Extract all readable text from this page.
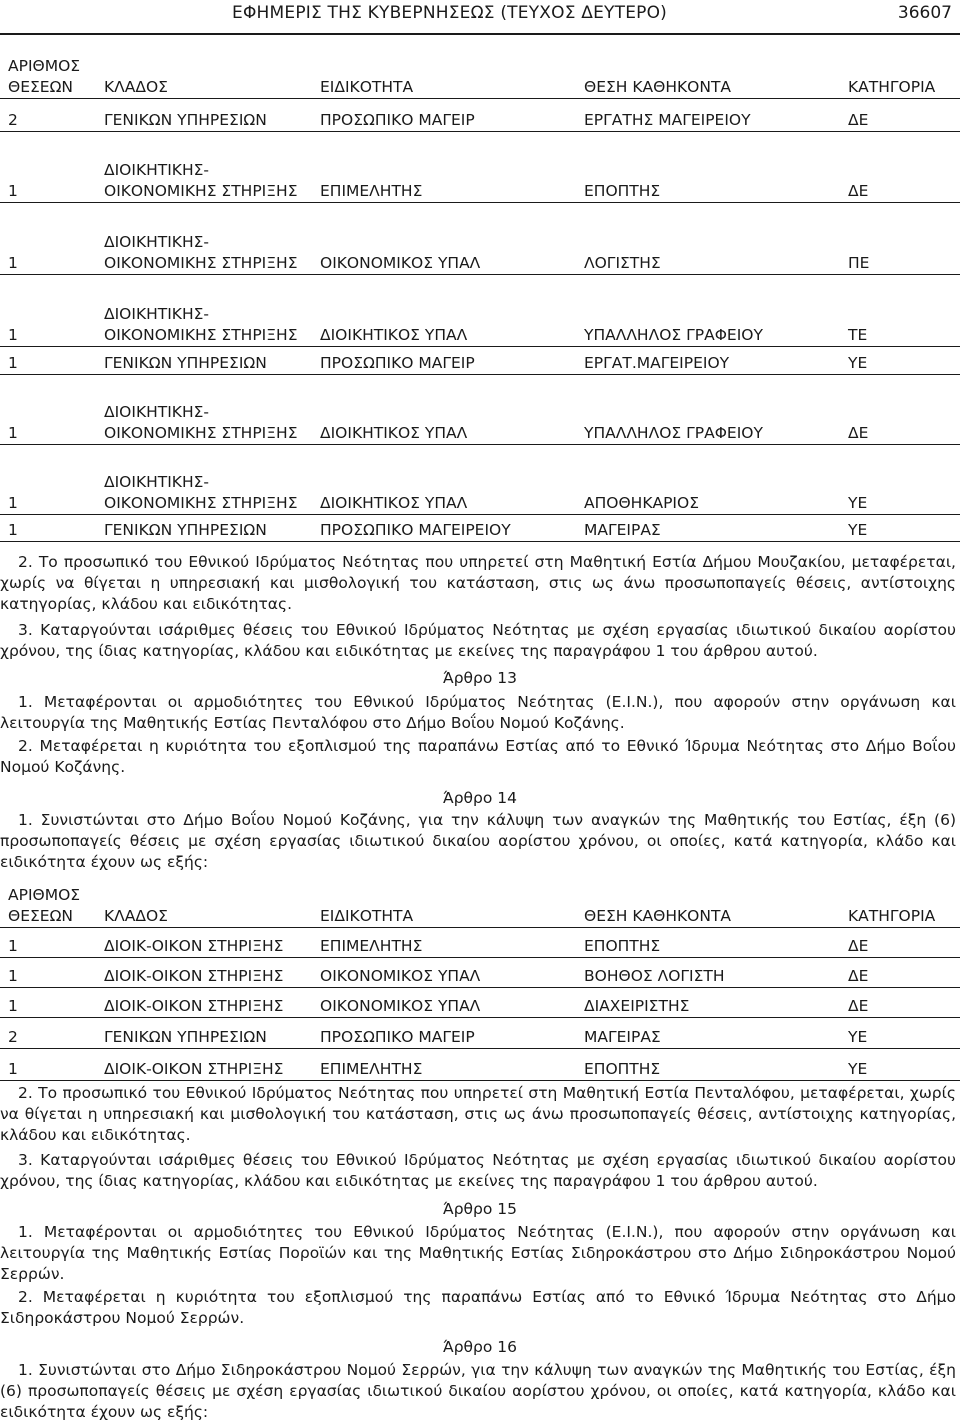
ΕΦΗΜΕΡΙΣ ΤΗΣ ΚΥΒΕΡΝΗΣΕΩΣ (ΤΕΥΧΟΣ ΔΕΥΤΕΡΟ)	36607
ΑΡΙΘΜΟΣ ΘΕΣΕΩΝ	ΚΛΑΔΟΣ	ΕΙΔΙΚΟΤΗΤΑ	ΘΕΣΗ ΚΑΘΗΚΟΝΤΑ	ΚΑΤΗΓΟΡΙΑ
2	ΓΕΝΙΚΩΝ ΥΠΗΡΕΣΙΩΝ	ΠΡΟΣΩΠΙΚΟ ΜΑΓΕΙΡ	ΕΡΓΑΤΗΣ ΜΑΓΕΙΡΕΙΟΥ	ΔΕ
1	ΔΙΟΙΚΗΤΙΚΗΣ- ΟΙΚΟΝΟΜΙΚΗΣ ΣΤΗΡΙΞΗΣ	ΕΠΙΜΕΛΗΤΗΣ	ΕΠΟΠΤΗΣ	ΔΕ
1	ΔΙΟΙΚΗΤΙΚΗΣ- ΟΙΚΟΝΟΜΙΚΗΣ ΣΤΗΡΙΞΗΣ	ΟΙΚΟΝΟΜΙΚΟΣ ΥΠΑΛ	ΛΟΓΙΣΤΗΣ	ΠΕ
1	ΔΙΟΙΚΗΤΙΚΗΣ- ΟΙΚΟΝΟΜΙΚΗΣ ΣΤΗΡΙΞΗΣ	ΔΙΟΙΚΗΤΙΚΟΣ ΥΠΑΛ	ΥΠΑΛΛΗΛΟΣ ΓΡΑΦΕΙΟΥ	ΤΕ
1	ΓΕΝΙΚΩΝ ΥΠΗΡΕΣΙΩΝ	ΠΡΟΣΩΠΙΚΟ ΜΑΓΕΙΡ	ΕΡΓΑΤ.ΜΑΓΕΙΡΕΙΟΥ	ΥΕ
1	ΔΙΟΙΚΗΤΙΚΗΣ- ΟΙΚΟΝΟΜΙΚΗΣ ΣΤΗΡΙΞΗΣ	ΔΙΟΙΚΗΤΙΚΟΣ ΥΠΑΛ	ΥΠΑΛΛΗΛΟΣ ΓΡΑΦΕΙΟΥ	ΔΕ
1	ΔΙΟΙΚΗΤΙΚΗΣ- ΟΙΚΟΝΟΜΙΚΗΣ ΣΤΗΡΙΞΗΣ	ΔΙΟΙΚΗΤΙΚΟΣ ΥΠΑΛ	ΑΠΟΘΗΚΑΡΙΟΣ	ΥΕ
1	ΓΕΝΙΚΩΝ ΥΠΗΡΕΣΙΩΝ	ΠΡΟΣΩΠΙΚΟ ΜΑΓΕΙΡΕΙΟΥ	ΜΑΓΕΙΡΑΣ	ΥΕ
2. Το προσωπικό του Εθνικού Ιδρύματος Νεότητας που υπηρετεί στη Μαθητική Εστία Δήμου Μουζακίου, μεταφέρεται, χωρίς να θίγεται η υπηρεσιακή και μισθολογική του κατάσταση, στις ως άνω προσωποπαγείς θέσεις, αντίστοιχης κατηγορίας, κλάδου και ειδικότητας.
3. Καταργούνται ισάριθμες θέσεις του Εθνικού Ιδρύματος Νεότητας με σχέση εργασίας ιδιωτικού δικαίου αορίστου χρόνου, της ίδιας κατηγορίας, κλάδου και ειδικότητας με εκείνες της παραγράφου 1 του άρθρου αυτού.
Άρθρο 13
1. Μεταφέρονται οι αρμοδιότητες του Εθνικού Ιδρύματος Νεότητας (Ε.Ι.Ν.), που αφορούν στην οργάνωση και λειτουργία της Μαθητικής Εστίας Πενταλόφου στο Δήμο Βοΐου Νομού Κοζάνης.
2. Μεταφέρεται η κυριότητα του εξοπλισμού της παραπάνω Εστίας από το Εθνικό Ίδρυμα Νεότητας στο Δήμο Βοΐου Νομού Κοζάνης.
Άρθρο 14
1. Συνιστώνται στο Δήμο Βοΐου Νομού Κοζάνης, για την κάλυψη των αναγκών της Μαθητικής του Εστίας, έξη (6) προσωποπαγείς θέσεις με σχέση εργασίας ιδιωτικού δικαίου αορίστου χρόνου, οι οποίες, κατά κατηγορία, κλάδο και ειδικότητα έχουν ως εξής:
ΑΡΙΘΜΟΣ ΘΕΣΕΩΝ	ΚΛΑΔΟΣ	ΕΙΔΙΚΟΤΗΤΑ	ΘΕΣΗ ΚΑΘΗΚΟΝΤΑ	ΚΑΤΗΓΟΡΙΑ
1	ΔΙΟΙΚ-ΟΙΚΟΝ ΣΤΗΡΙΞΗΣ	ΕΠΙΜΕΛΗΤΗΣ	ΕΠΟΠΤΗΣ	ΔΕ
1	ΔΙΟΙΚ-ΟΙΚΟΝ ΣΤΗΡΙΞΗΣ	ΟΙΚΟΝΟΜΙΚΟΣ ΥΠΑΛ	ΒΟΗΘΟΣ ΛΟΓΙΣΤΗ	ΔΕ
1	ΔΙΟΙΚ-ΟΙΚΟΝ ΣΤΗΡΙΞΗΣ	ΟΙΚΟΝΟΜΙΚΟΣ ΥΠΑΛ	ΔΙΑΧΕΙΡΙΣΤΗΣ	ΔΕ
2	ΓΕΝΙΚΩΝ ΥΠΗΡΕΣΙΩΝ	ΠΡΟΣΩΠΙΚΟ ΜΑΓΕΙΡ	ΜΑΓΕΙΡΑΣ	ΥΕ
1	ΔΙΟΙΚ-ΟΙΚΟΝ ΣΤΗΡΙΞΗΣ	ΕΠΙΜΕΛΗΤΗΣ	ΕΠΟΠΤΗΣ	ΥΕ
2. Το προσωπικό του Εθνικού Ιδρύματος Νεότητας που υπηρετεί στη Μαθητική Εστία Πενταλόφου, μεταφέρεται, χωρίς να θίγεται η υπηρεσιακή και μισθολογική του κατάσταση, στις ως άνω προσωποπαγείς θέσεις, αντίστοιχης κατηγορίας, κλάδου και ειδικότητας.
3. Καταργούνται ισάριθμες θέσεις του Εθνικού Ιδρύματος Νεότητας με σχέση εργασίας ιδιωτικού δικαίου αορίστου χρόνου, της ίδιας κατηγορίας, κλάδου και ειδικότητας με εκείνες της παραγράφου 1 του άρθρου αυτού.
Άρθρο 15
1. Μεταφέρονται οι αρμοδιότητες του Εθνικού Ιδρύματος Νεότητας (Ε.Ι.Ν.), που αφορούν στην οργάνωση και λειτουργία της Μαθητικής Εστίας Ποροϊών και της Μαθητικής Εστίας Σιδηροκάστρου στο Δήμο Σιδηροκάστρου Νομού Σερρών.
2. Μεταφέρεται η κυριότητα του εξοπλισμού της παραπάνω Εστίας από το Εθνικό Ίδρυμα Νεότητας στο Δήμο Σιδηροκάστρου Νομού Σερρών.
Άρθρο 16
1. Συνιστώνται στο Δήμο Σιδηροκάστρου Νομού Σερρών, για την κάλυψη των αναγκών της Μαθητικής του Εστίας, έξη (6) προσωποπαγείς θέσεις με σχέση εργασίας ιδιωτικού δικαίου αορίστου χρόνου, οι οποίες, κατά κατηγορία, κλάδο και ειδικότητα έχουν ως εξής:
